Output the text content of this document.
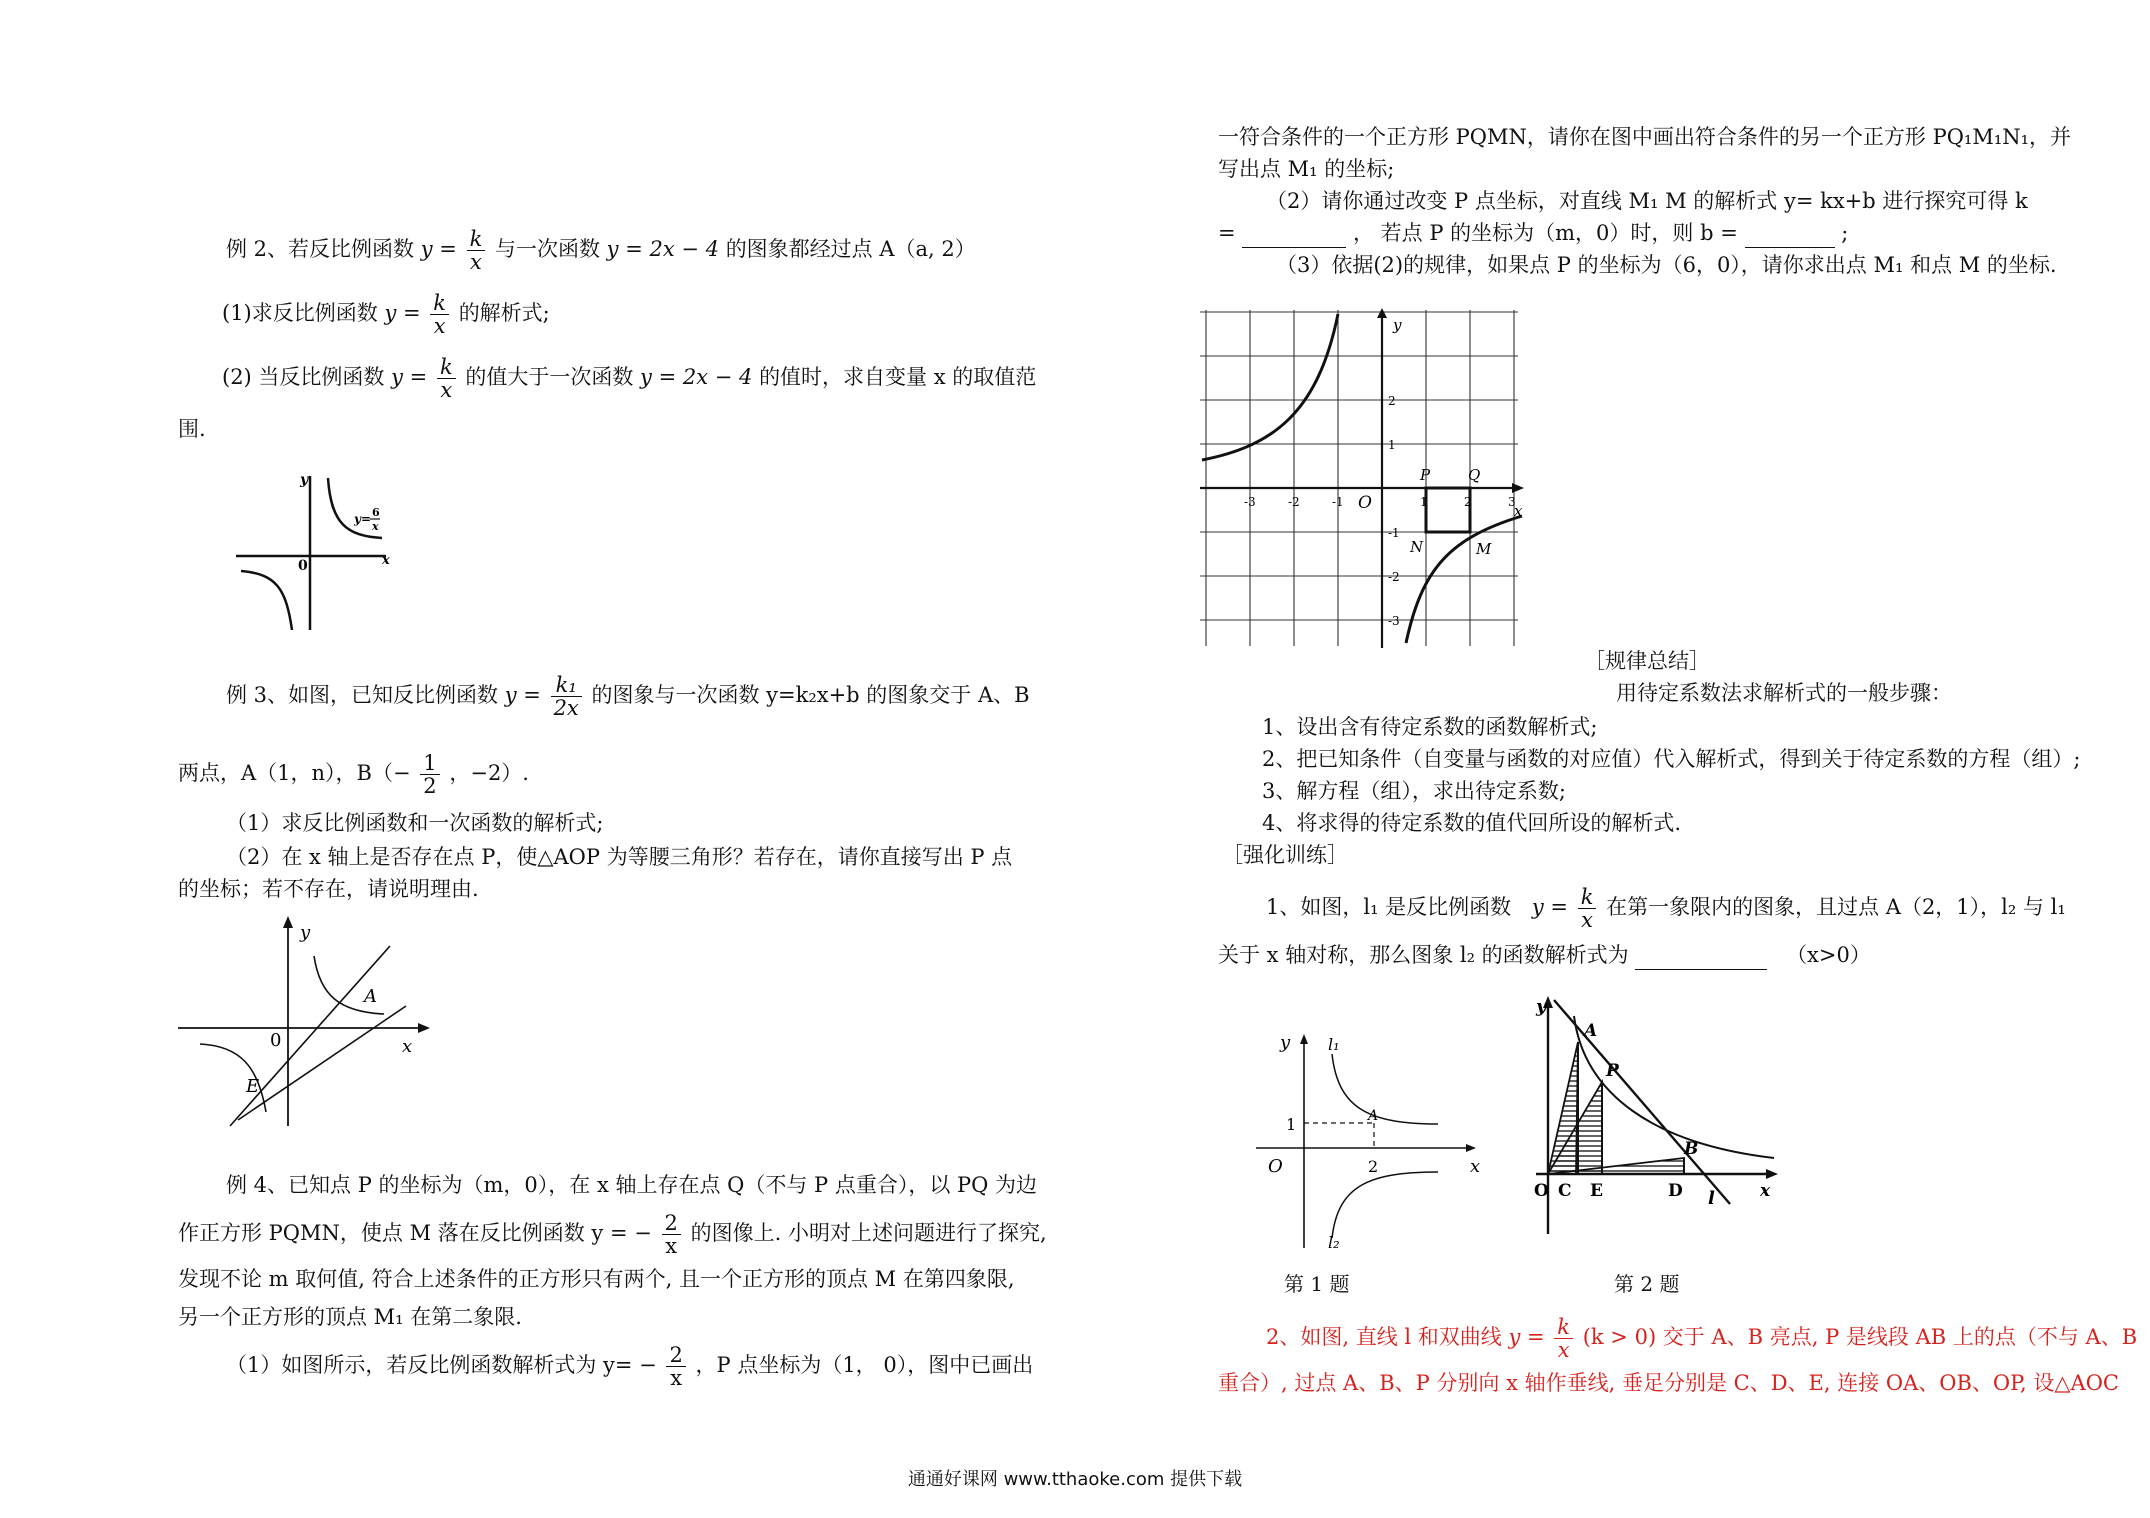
例 2、若反比例函数 $y = \frac{k}{x}$ 与一次函数 y = 2x − 4 的图象都经过点 A（a, 2）
(1)求反比例函数 $y = \frac{k}{x}$ 的解析式;
(2) 当反比例函数 $y = \frac{k}{x}$ 的值大于一次函数 y = 2x − 4 的值时，求自变量 x 的取值范
围.
y
x
0
y= 6
x
例 3、如图，已知反比例函数 $y = \frac{\text{k₁}}{2x}$ 的图象与一次函数 y=k₂x+b 的图象交于 A、B
两点，A（1，n），$B(- \frac{1}{2}$ ，−2）.
（1）求反比例函数和一次函数的解析式;
（2）在 x 轴上是否存在点 P，使△AOP 为等腰三角形？若存在，请你直接写出 P 点
的坐标；若不存在，请说明理由.
y
x
0
A
E
例 4、已知点 P 的坐标为（m，0），在 x 轴上存在点 Q（不与 P 点重合），以 PQ 为边
作正方形 PQMN，使点 M 落在反比例函数 y = − $\frac{2}{x}$ 的图像上. 小明对上述问题进行了探究,
发现不论 m 取何值, 符合上述条件的正方形只有两个, 且一个正方形的顶点 M 在第四象限,
另一个正方形的顶点 M₁ 在第二象限.
（1）如图所示，若反比例函数解析式为 $y= - \frac{2}{x}$ ，P 点坐标为（1， 0），图中已画出
一符合条件的一个正方形 PQMN，请你在图中画出符合条件的另一个正方形 PQ₁M₁N₁，并
写出点 M₁ 的坐标;
（2）请你通过改变 P 点坐标，对直线 M₁ M 的解析式 y= kx+b 进行探究可得 k
=	， 若点 P 的坐标为（m，0）时，则 b =	;
（3）依据(2)的规律，如果点 P 的坐标为（6，0），请你求出点 M₁ 和点 M 的坐标.
y
x
O
-3	-2	-1	1	2	3
2
1
-1
-2
-3
P	Q
N	M
［规律总结］
用待定系数法求解析式的一般步骤：
1、设出含有待定系数的函数解析式;
2、把已知条件（自变量与函数的对应值）代入解析式，得到关于待定系数的方程（组）;
3、解方程（组），求出待定系数;
4、将求得的待定系数的值代回所设的解析式.
［强化训练］
1、如图，l₁ 是反比例函数 $y = \frac{k}{x}$ 在第一象限内的图象，且过点 A（2，1），l₂ 与 l₁
关于 x 轴对称，那么图象 l₂ 的函数解析式为	（x>0）
y
x
O
1
2
A
l₁
l₂
第 1 题
y
A
P
B
O C E	D l	x
第 2 题
2、如图, 直线 l 和双曲线 $y = \frac{k}{x} (k > 0)$ 交于 A、B 亮点, P 是线段 AB 上的点（不与 A、B
重合）, 过点 A、B、P 分别向 x 轴作垂线, 垂足分别是 C、D、E, 连接 OA、OB、OP, 设△AOC
通通好课网 www.tthaoke.com 提供下载
